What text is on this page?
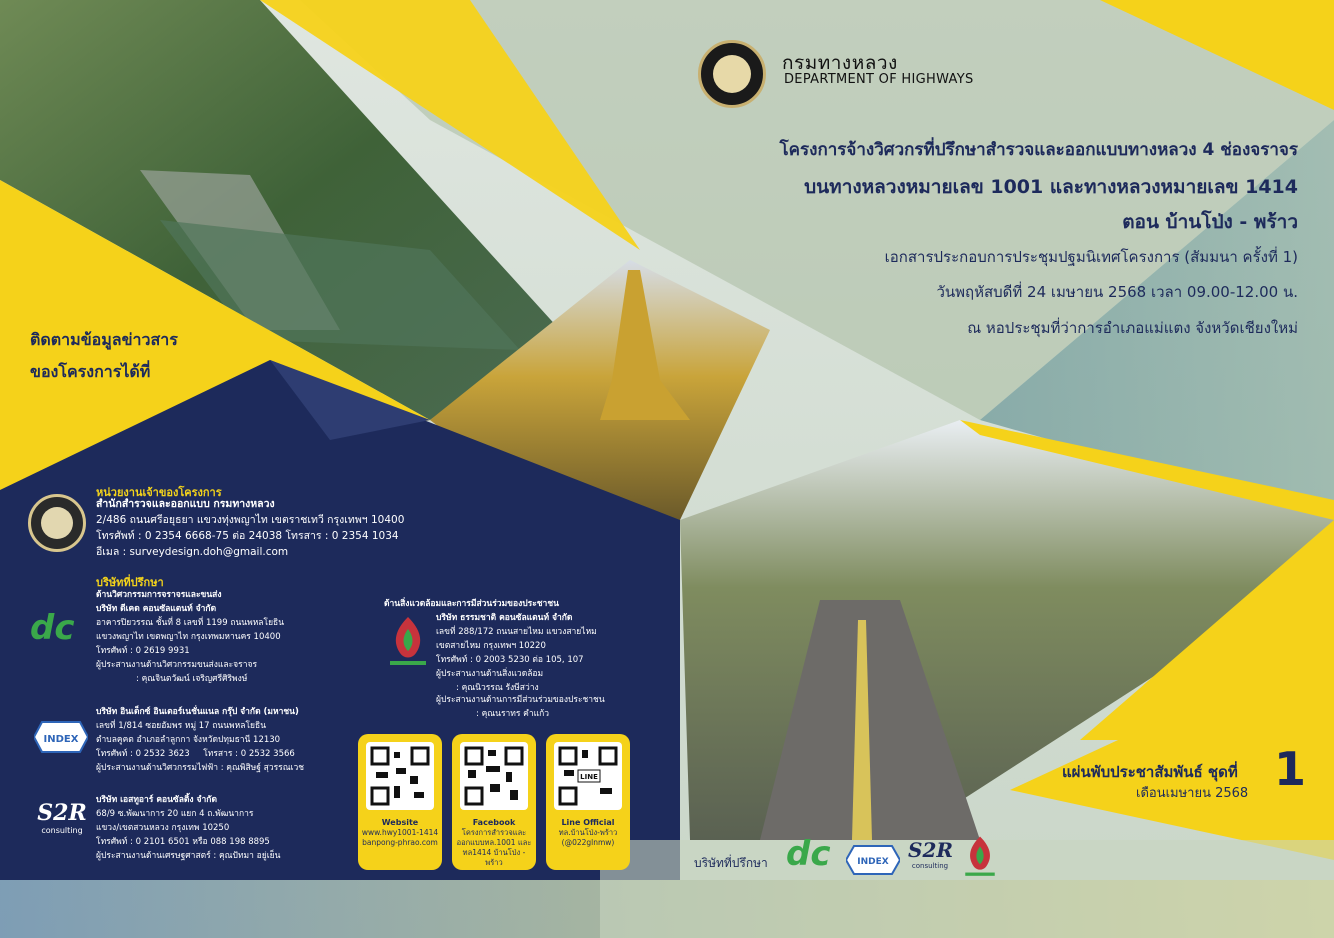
กรมทางหลวง
DEPARTMENT OF HIGHWAYS
โครงการจ้างวิศวกรที่ปรึกษาสำรวจและออกแบบทางหลวง 4 ช่องจราจร
บนทางหลวงหมายเลข 1001 และทางหลวงหมายเลข 1414
ตอน บ้านโป่ง - พร้าว
เอกสารประกอบการประชุมปฐมนิเทศโครงการ (สัมมนา ครั้งที่ 1)
วันพฤหัสบดีที่ 24 เมษายน 2568 เวลา 09.00-12.00 น.
ณ หอประชุมที่ว่าการอำเภอแม่แตง จังหวัดเชียงใหม่
ติดตามข้อมูลข่าวสาร
ของโครงการได้ที่
หน่วยงานเจ้าของโครงการ
สำนักสำรวจและออกแบบ กรมทางหลวง
2/486 ถนนศรีอยุธยา แขวงทุ่งพญาไท เขตราชเทวี กรุงเทพฯ 10400
โทรศัพท์ : 0 2354 6668-75 ต่อ 24038 โทรสาร : 0 2354 1034
อีเมล : surveydesign.doh@gmail.com
บริษัทที่ปรึกษา
dc
ด้านวิศวกรรมการจราจรและขนส่ง
บริษัท ดีเคด คอนซัลแตนท์ จำกัด
อาคารปิยวรรณ ชั้นที่ 8 เลขที่ 1199 ถนนพหลโยธิน
แขวงพญาไท เขตพญาไท กรุงเทพมหานคร 10400
โทรศัพท์ : 0 2619 9931
ผู้ประสานงานด้านวิศวกรรมขนส่งและจราจร
: คุณจินตวัฒน์ เจริญศรีศิริพงษ์
INDEX
บริษัท อินเด็กซ์ อินเตอร์เนชั่นแนล กรุ๊ป จำกัด (มหาชน)
เลขที่ 1/814 ซอยอัมพร หมู่ 17 ถนนพหลโยธิน
ตำบลคูคต อำเภอลำลูกกา จังหวัดปทุมธานี 12130
โทรศัพท์ : 0 2532 3623     โทรสาร : 0 2532 3566
ผู้ประสานงานด้านวิศวกรรมไฟฟ้า : คุณพิสิษฐ์ สุวรรณเวช
S2R
consulting
บริษัท เอสทูอาร์ คอนซัลติ้ง จำกัด
68/9 ซ.พัฒนาการ 20 แยก 4 ถ.พัฒนาการ
แขวง/เขตสวนหลวง กรุงเทพ 10250
โทรศัพท์ : 0 2101 6501 หรือ 088 198 8895
ผู้ประสานงานด้านเศรษฐศาสตร์ : คุณปัทมา อยู่เย็น
ด้านสิ่งแวดล้อมและการมีส่วนร่วมของประชาชน
บริษัท ธรรมชาติ คอนซัลแตนท์ จำกัด
เลขที่ 288/172 ถนนสายไหม แขวงสายไหม
เขตสายไหม กรุงเทพฯ 10220
โทรศัพท์ : 0 2003 5230 ต่อ 105, 107
ผู้ประสานงานด้านสิ่งแวดล้อม
: คุณนิวรรณ รังษีสว่าง
ผู้ประสานงานด้านการมีส่วนร่วมของประชาชน
: คุณนราทร คำแก้ว
Website
www.hwy1001-1414
banpong-phrao.com
Facebook
โครงการสำรวจและ
ออกแบบทล.1001 และ
ทล1414 บ้านโป่ง - พร้าว
LINE
Line Official
ทล.บ้านโป่ง-พร้าว
(@022glnmw)
แผ่นพับประชาสัมพันธ์ ชุดที่ 1
เดือนเมษายน 2568
บริษัทที่ปรึกษา dc	INDEX S2R
consulting
